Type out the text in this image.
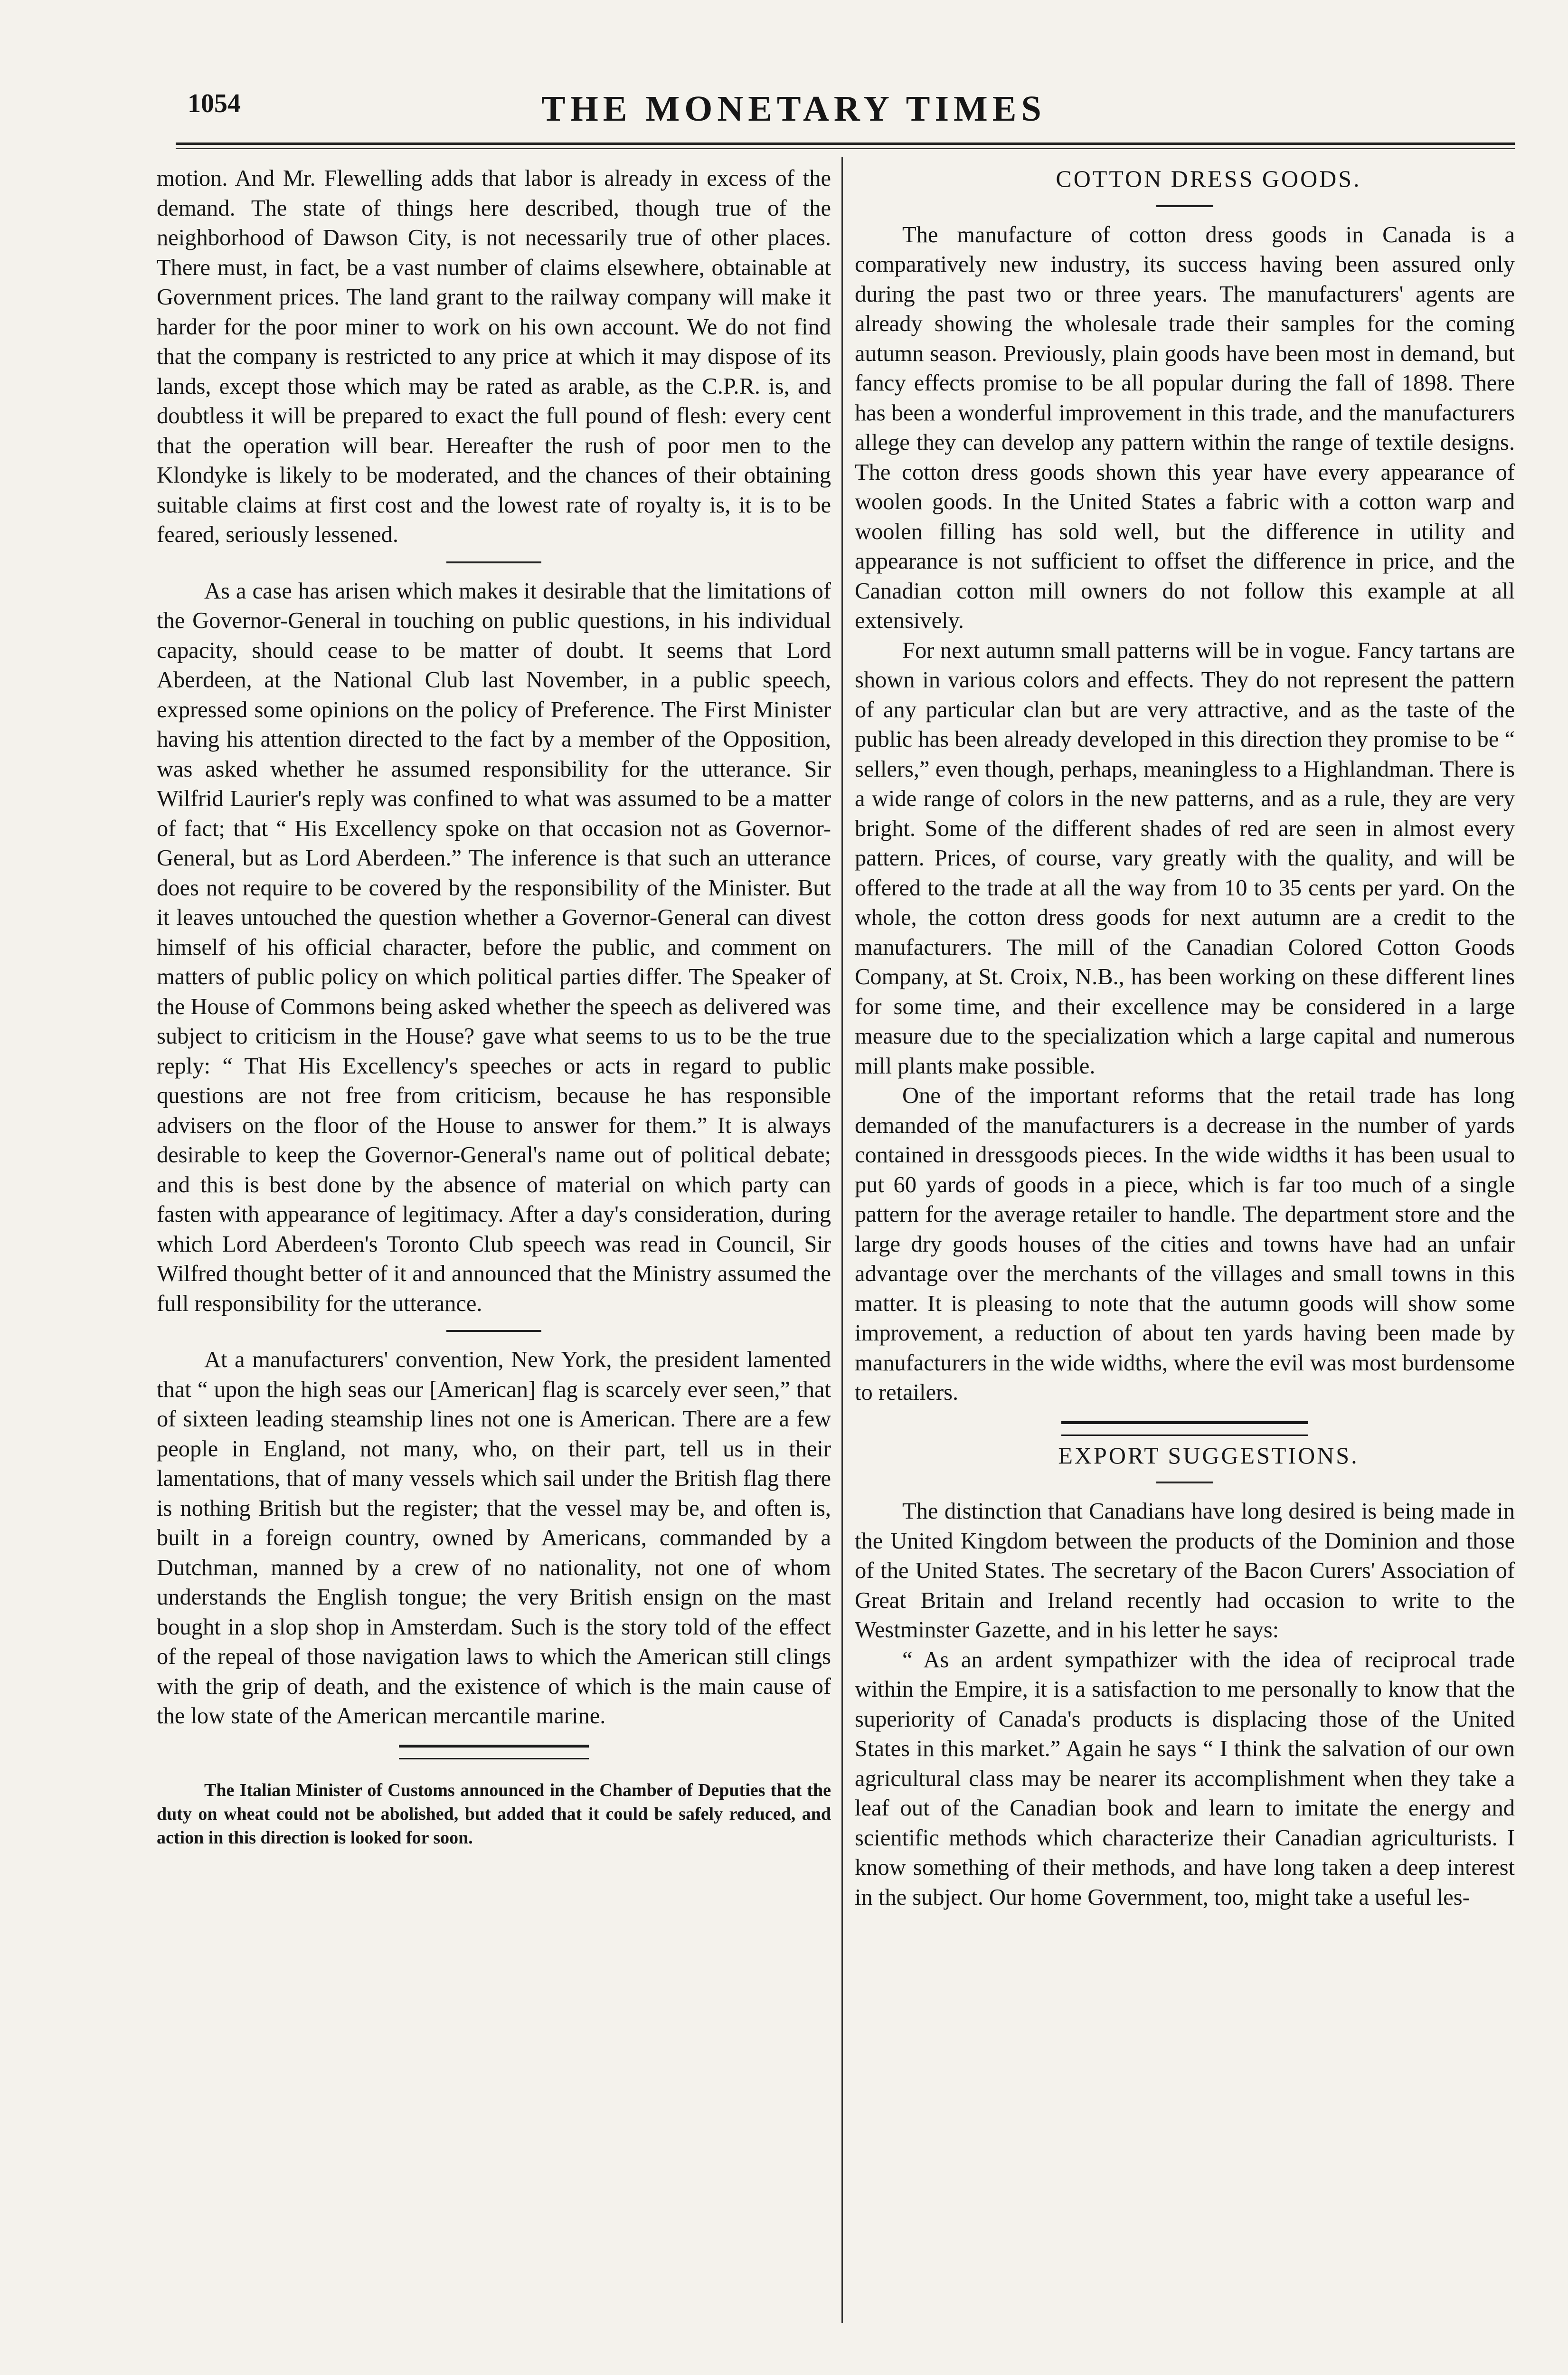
1054	THE MONETARY TIMES

motion. And Mr. Flewelling adds that labor is already in excess of the demand. The state of things here described, though true of the neighborhood of Dawson City, is not necessarily true of other places. There must, in fact, be a vast number of claims elsewhere, obtainable at Government prices. The land grant to the railway company will make it harder for the poor miner to work on his own account. We do not find that the company is restricted to any price at which it may dispose of its lands, except those which may be rated as arable, as the C.P.R. is, and doubtless it will be prepared to exact the full pound of flesh: every cent that the operation will bear. Hereafter the rush of poor men to the Klondyke is likely to be moderated, and the chances of their obtaining suitable claims at first cost and the lowest rate of royalty is, it is to be feared, seriously lessened.

As a case has arisen which makes it desirable that the limitations of the Governor-General in touching on public questions, in his individual capacity, should cease to be matter of doubt. It seems that Lord Aberdeen, at the National Club last November, in a public speech, expressed some opinions on the policy of Preference. The First Minister having his attention directed to the fact by a member of the Opposition, was asked whether he assumed responsibility for the utterance. Sir Wilfrid Laurier's reply was confined to what was assumed to be a matter of fact; that “ His Excellency spoke on that occasion not as Governor-General, but as Lord Aberdeen.” The inference is that such an utterance does not require to be covered by the responsibility of the Minister. But it leaves untouched the question whether a Governor-General can divest himself of his official character, before the public, and comment on matters of public policy on which political parties differ. The Speaker of the House of Commons being asked whether the speech as delivered was subject to criticism in the House? gave what seems to us to be the true reply: “ That His Excellency's speeches or acts in regard to public questions are not free from criticism, because he has responsible advisers on the floor of the House to answer for them.” It is always desirable to keep the Governor-General's name out of political debate; and this is best done by the absence of material on which party can fasten with appearance of legitimacy. After a day's consideration, during which Lord Aberdeen's Toronto Club speech was read in Council, Sir Wilfred thought better of it and announced that the Ministry assumed the full responsibility for the utterance.

At a manufacturers' convention, New York, the president lamented that “ upon the high seas our [American] flag is scarcely ever seen,” that of sixteen leading steamship lines not one is American. There are a few people in England, not many, who, on their part, tell us in their lamentations, that of many vessels which sail under the British flag there is nothing British but the register; that the vessel may be, and often is, built in a foreign country, owned by Americans, commanded by a Dutchman, manned by a crew of no nationality, not one of whom understands the English tongue; the very British ensign on the mast bought in a slop shop in Amsterdam. Such is the story told of the effect of the repeal of those navigation laws to which the American still clings with the grip of death, and the existence of which is the main cause of the low state of the American mercantile marine.

The Italian Minister of Customs announced in the Chamber of Deputies that the duty on wheat could not be abolished, but added that it could be safely reduced, and action in this direction is looked for soon.

COTTON DRESS GOODS.

The manufacture of cotton dress goods in Canada is a comparatively new industry, its success having been assured only during the past two or three years. The manufacturers' agents are already showing the wholesale trade their samples for the coming autumn season. Previously, plain goods have been most in demand, but fancy effects promise to be all popular during the fall of 1898. There has been a wonderful improvement in this trade, and the manufacturers allege they can develop any pattern within the range of textile designs. The cotton dress goods shown this year have every appearance of woolen goods. In the United States a fabric with a cotton warp and woolen filling has sold well, but the difference in utility and appearance is not sufficient to offset the difference in price, and the Canadian cotton mill owners do not follow this example at all extensively.

For next autumn small patterns will be in vogue. Fancy tartans are shown in various colors and effects. They do not represent the pattern of any particular clan but are very attractive, and as the taste of the public has been already developed in this direction they promise to be “ sellers,” even though, perhaps, meaningless to a Highlandman. There is a wide range of colors in the new patterns, and as a rule, they are very bright. Some of the different shades of red are seen in almost every pattern. Prices, of course, vary greatly with the quality, and will be offered to the trade at all the way from 10 to 35 cents per yard. On the whole, the cotton dress goods for next autumn are a credit to the manufacturers. The mill of the Canadian Colored Cotton Goods Company, at St. Croix, N.B., has been working on these different lines for some time, and their excellence may be considered in a large measure due to the specialization which a large capital and numerous mill plants make possible.

One of the important reforms that the retail trade has long demanded of the manufacturers is a decrease in the number of yards contained in dressgoods pieces. In the wide widths it has been usual to put 60 yards of goods in a piece, which is far too much of a single pattern for the average retailer to handle. The department store and the large dry goods houses of the cities and towns have had an unfair advantage over the merchants of the villages and small towns in this matter. It is pleasing to note that the autumn goods will show some improvement, a reduction of about ten yards having been made by manufacturers in the wide widths, where the evil was most burdensome to retailers.

EXPORT SUGGESTIONS.

The distinction that Canadians have long desired is being made in the United Kingdom between the products of the Dominion and those of the United States. The secretary of the Bacon Curers' Association of Great Britain and Ireland recently had occasion to write to the Westminster Gazette, and in his letter he says:

“ As an ardent sympathizer with the idea of reciprocal trade within the Empire, it is a satisfaction to me personally to know that the superiority of Canada's products is displacing those of the United States in this market.” Again he says “ I think the salvation of our own agricultural class may be nearer its accomplishment when they take a leaf out of the Canadian book and learn to imitate the energy and scientific methods which characterize their Canadian agriculturists. I know something of their methods, and have long taken a deep interest in the subject. Our home Government, too, might take a useful les-
